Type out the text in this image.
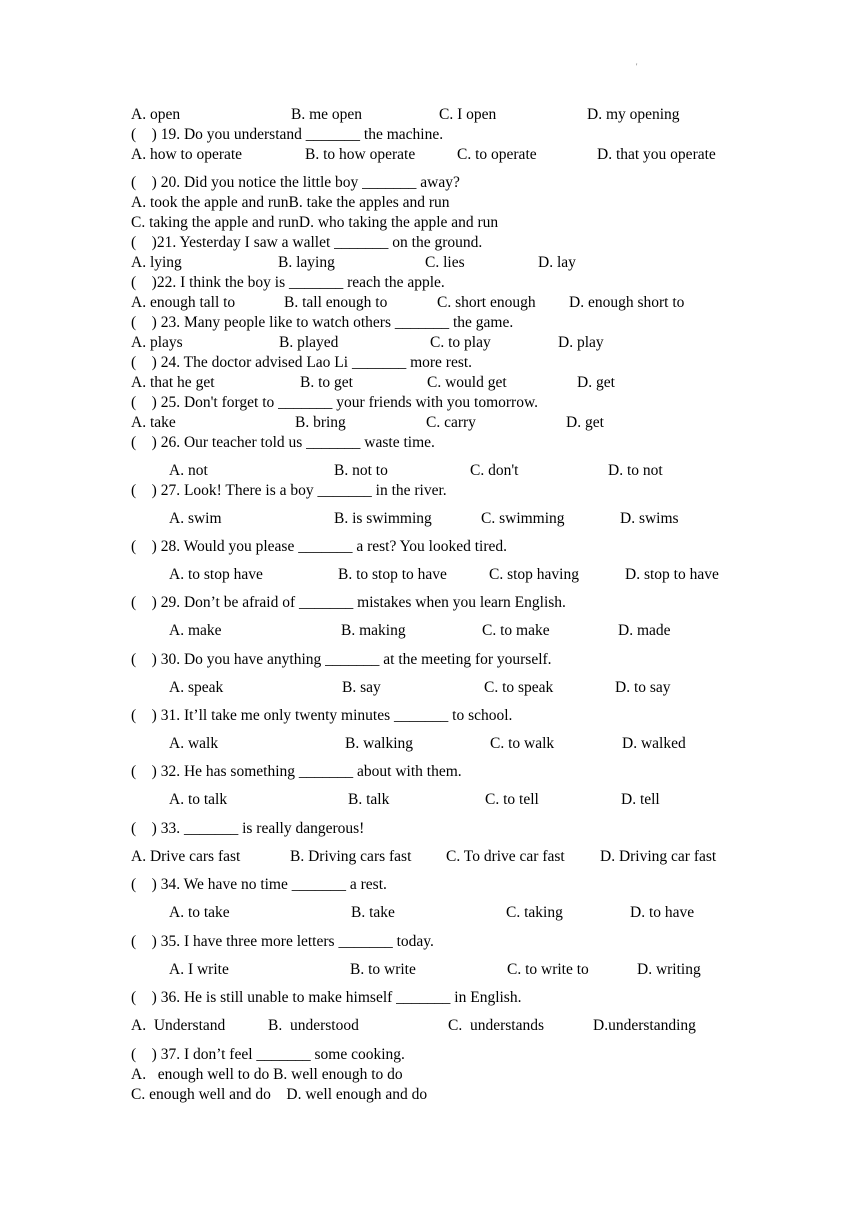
'
A. open	B. me open	C. I open	D. my opening
(    ) 19. Do you understand _______ the machine.
A. how to operate	B. to how operate	C. to operate	D. that you operate
(    ) 20. Did you notice the little boy _______ away?
A. took the apple and runB. take the apples and run
C. taking the apple and runD. who taking the apple and run
(    )21. Yesterday I saw a wallet _______ on the ground.
A. lying	B. laying	C. lies	D. lay
(    )22. I think the boy is _______ reach the apple.
A. enough tall to	B. tall enough to	C. short enough D. enough short to
(    ) 23. Many people like to watch others _______ the game.
A. plays	B. played	C. to play	D. play
(    ) 24. The doctor advised Lao Li _______ more rest.
A. that he get	B. to get	C. would get	D. get
(    ) 25. Don't forget to _______ your friends with you tomorrow.
A. take	B. bring	C. carry	D. get
(    ) 26. Our teacher told us _______ waste time.
A. not	B. not to	C. don't	D. to not
(    ) 27. Look! There is a boy _______ in the river.
A. swim	B. is swimming	C. swimming	D. swims
(    ) 28. Would you please _______ a rest? You looked tired.
A. to stop have	B. to stop to have	C. stop having	D. stop to have
(    ) 29. Don’t be afraid of _______ mistakes when you learn English.
A. make	B. making	C. to make	D. made
(    ) 30. Do you have anything _______ at the meeting for yourself.
A. speak	B. say	C. to speak	D. to say
(    ) 31. It’ll take me only twenty minutes _______ to school.
A. walk	B. walking	C. to walk	D. walked
(    ) 32. He has something _______ about with them.
A. to talk	B. talk	C. to tell	D. tell
(    ) 33. _______ is really dangerous!
A. Drive cars fast	B. Driving cars fast C. To drive car fast D. Driving car fast
(    ) 34. We have no time _______ a rest.
A. to take	B. take	C. taking	D. to have
(    ) 35. I have three more letters _______ today.
A. I write	B. to write	C. to write to	D. writing
(    ) 36. He is still unable to make himself _______ in English.
A.  Understand	B.  understood	C.  understands	D.understanding
(    ) 37. I don’t feel _______ some cooking.
A.   enough well to do B. well enough to do
C. enough well and do    D. well enough and do
